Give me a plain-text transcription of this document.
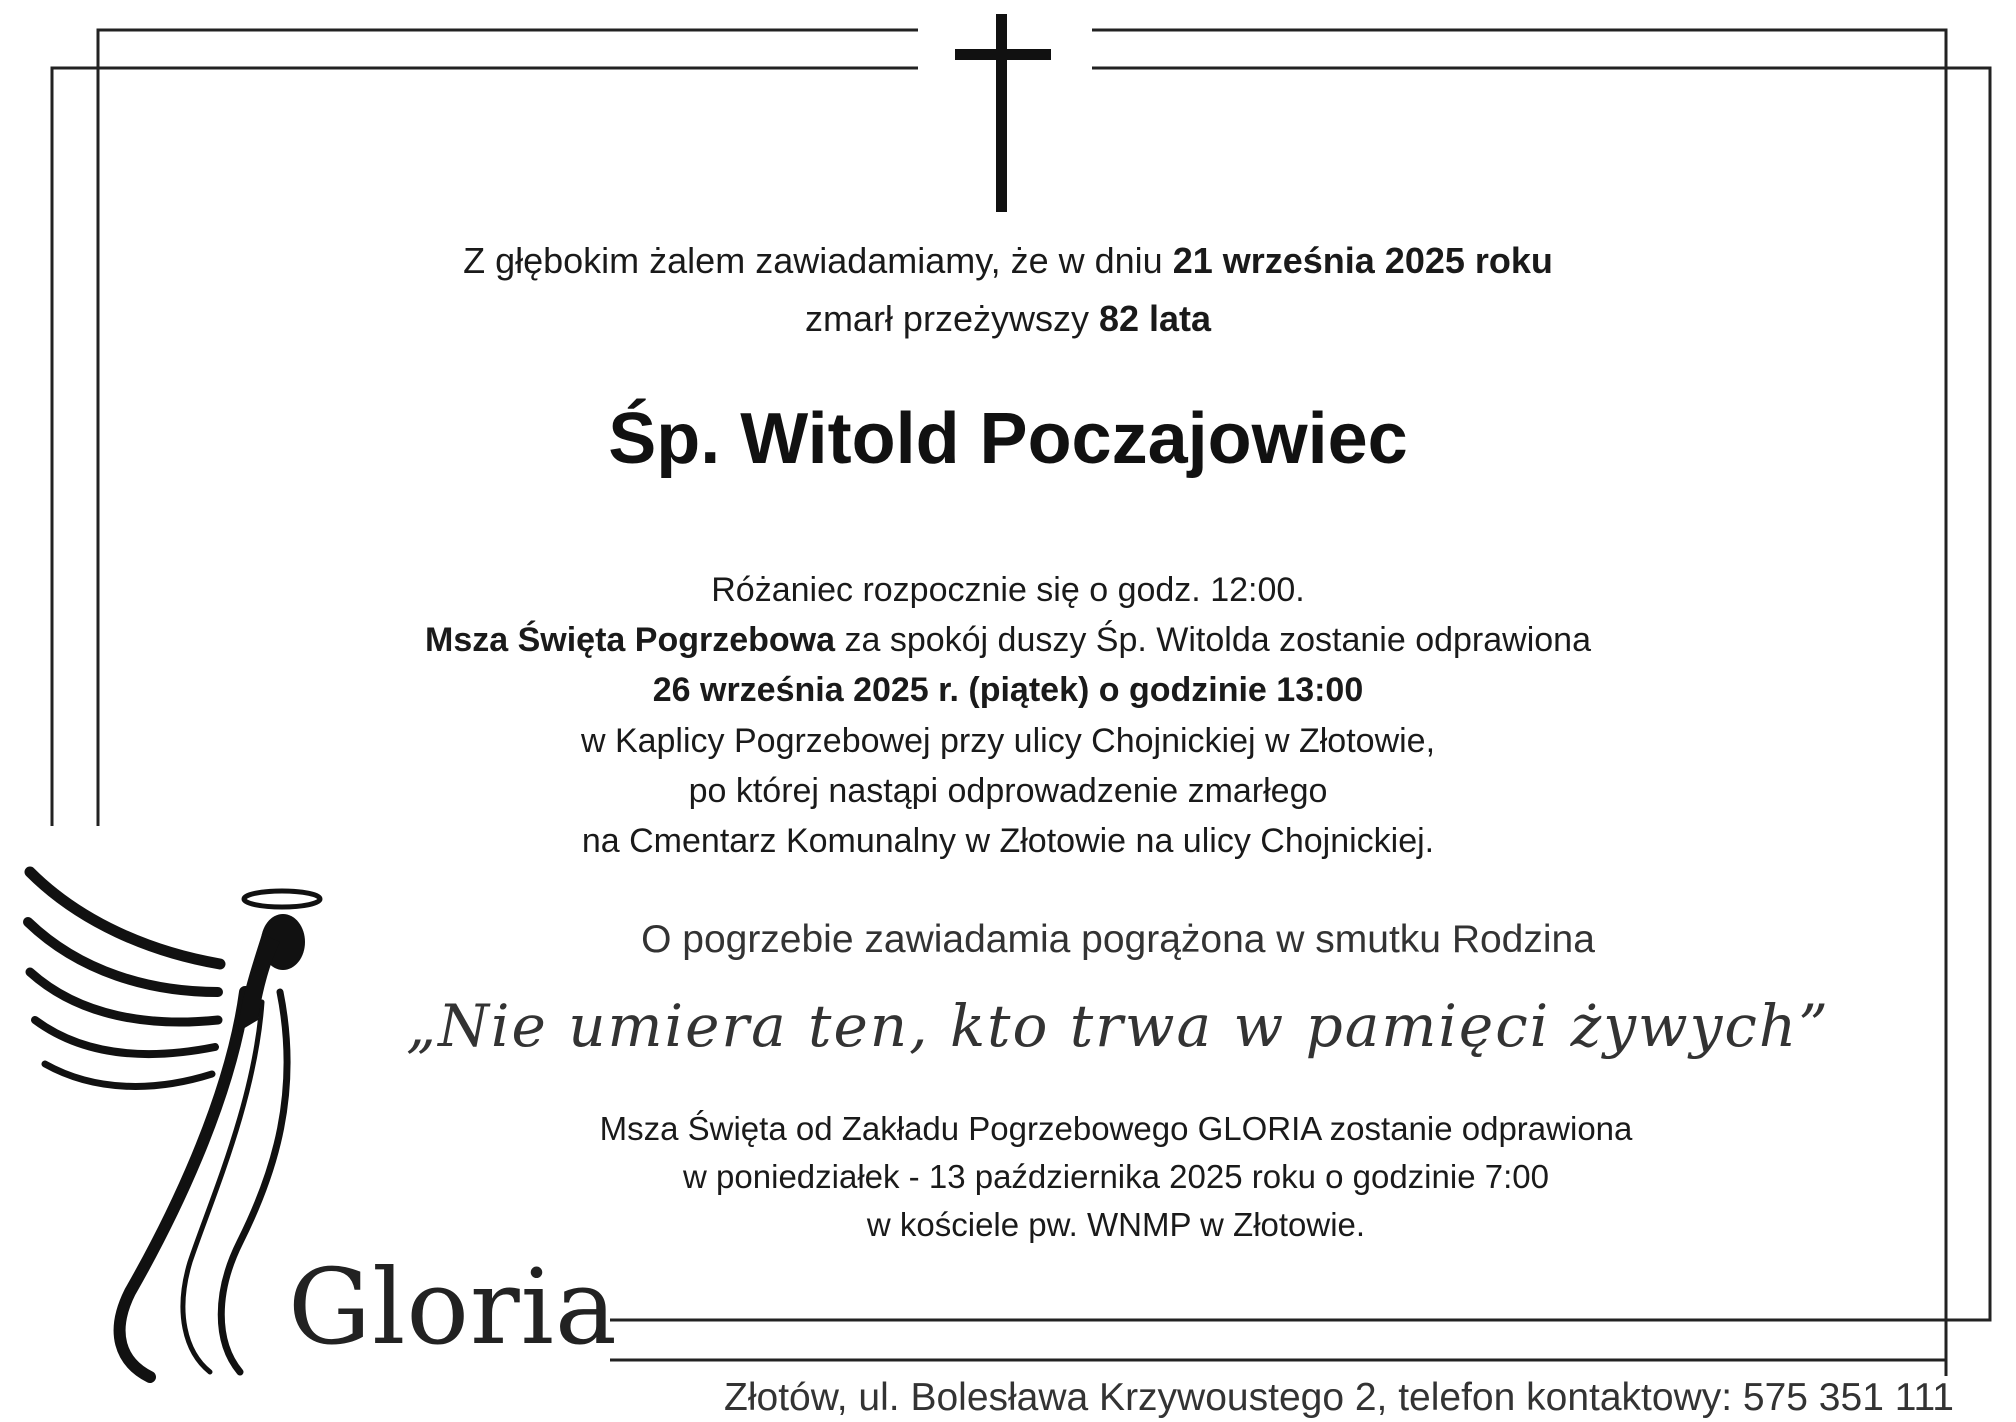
Gloria
Z głębokim żalem zawiadamiamy, że w dniu 21 września 2025 roku
zmarł przeżywszy 82 lata
Śp. Witold Poczajowiec
Różaniec rozpocznie się o godz. 12:00.
Msza Święta Pogrzebowa za spokój duszy Śp. Witolda zostanie odprawiona
26 września 2025 r. (piątek) o godzinie 13:00
w Kaplicy Pogrzebowej przy ulicy Chojnickiej w Złotowie,
po której nastąpi odprowadzenie zmarłego
na Cmentarz Komunalny w Złotowie na ulicy Chojnickiej.
O pogrzebie zawiadamia pogrążona w smutku Rodzina
„Nie umiera ten, kto trwa w pamięci żywych”
Msza Święta od Zakładu Pogrzebowego GLORIA zostanie odprawiona
w poniedziałek - 13 października 2025 roku o godzinie 7:00
w kościele pw. WNMP w Złotowie.
Złotów, ul. Bolesława Krzywoustego 2, telefon kontaktowy: 575 351 111
